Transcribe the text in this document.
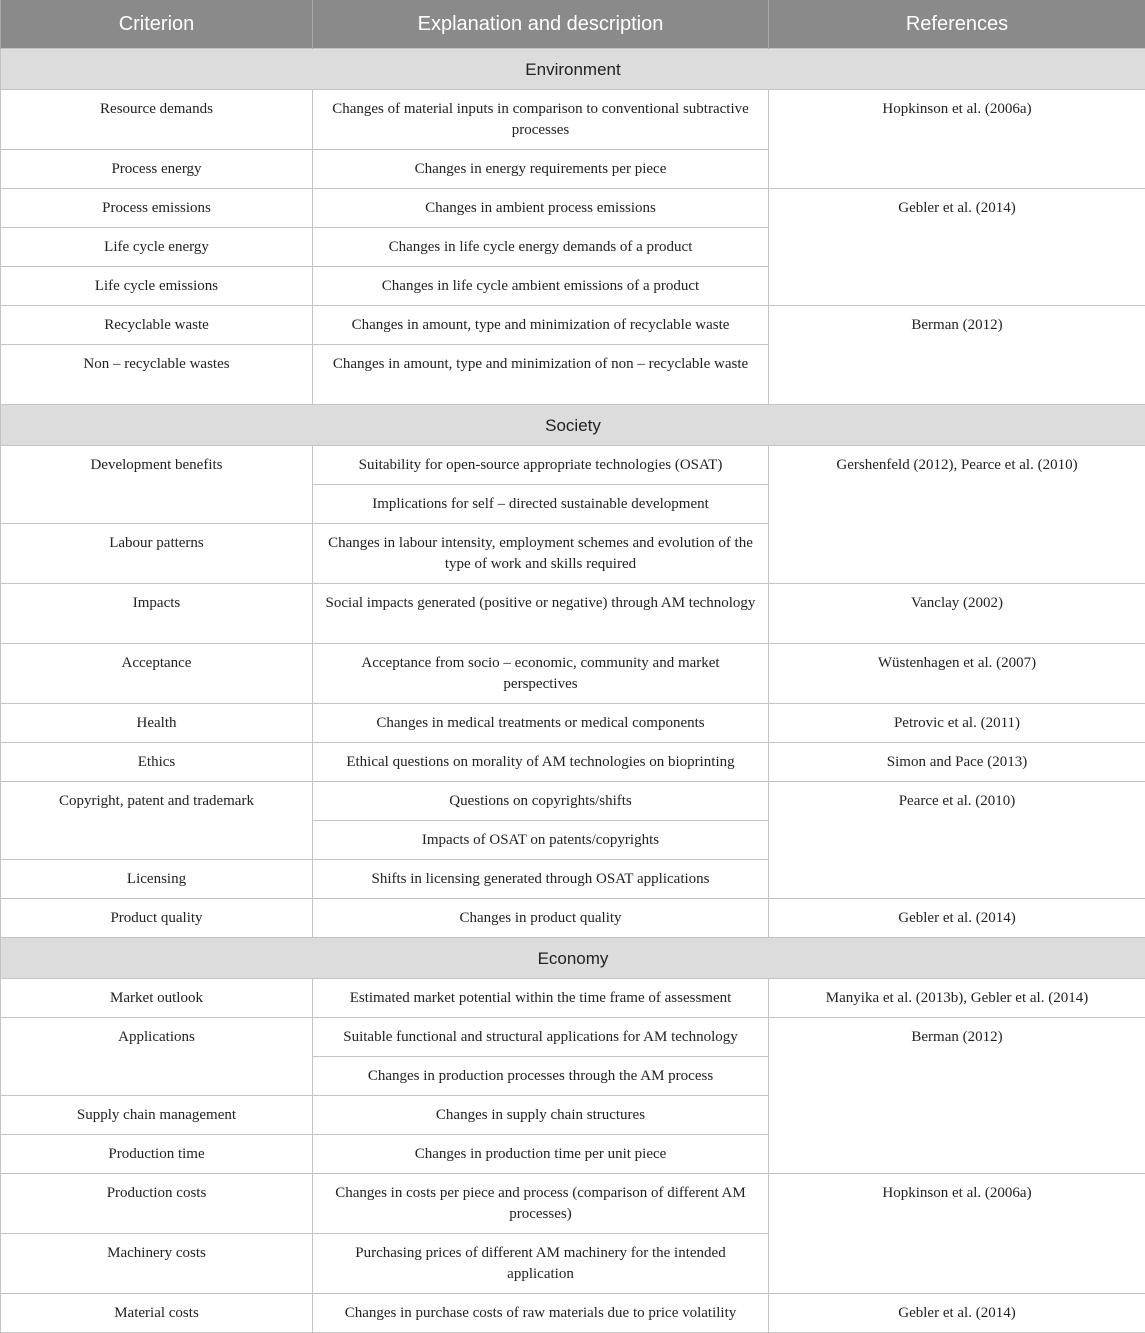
Criterion	Explanation and description	References
Environment		
Resource demands	Changes of material inputs in comparison to conventional subtractive processes	Hopkinson et al. (2006a)
Process energy	Changes in energy requirements per piece	
Process emissions	Changes in ambient process emissions	Gebler et al. (2014)
Life cycle energy	Changes in life cycle energy demands of a product	
Life cycle emissions	Changes in life cycle ambient emissions of a product	
Recyclable waste	Changes in amount, type and minimization of recyclable waste	Berman (2012)
Non – recyclable wastes	Changes in amount, type and minimization of non – recyclable waste	
Society		
Development benefits	Suitability for open-source appropriate technologies (OSAT)	Gershenfeld (2012), Pearce et al. (2010)
	Implications for self – directed sustainable development	
Labour patterns	Changes in labour intensity, employment schemes and evolution of the type of work and skills required	
Impacts	Social impacts generated (positive or negative) through AM technology	Vanclay (2002)
Acceptance	Acceptance from socio – economic, community and market perspectives	Wüstenhagen et al. (2007)
Health	Changes in medical treatments or medical components	Petrovic et al. (2011)
Ethics	Ethical questions on morality of AM technologies on bioprinting	Simon and Pace (2013)
Copyright, patent and trademark	Questions on copyrights/shifts	Pearce et al. (2010)
	Impacts of OSAT on patents/copyrights	
Licensing	Shifts in licensing generated through OSAT applications	
Product quality	Changes in product quality	Gebler et al. (2014)
Economy		
Market outlook	Estimated market potential within the time frame of assessment	Manyika et al. (2013b), Gebler et al. (2014)
Applications	Suitable functional and structural applications for AM technology	Berman (2012)
	Changes in production processes through the AM process	
Supply chain management	Changes in supply chain structures	
Production time	Changes in production time per unit piece	
Production costs	Changes in costs per piece and process (comparison of different AM processes)	Hopkinson et al. (2006a)
Machinery costs	Purchasing prices of different AM machinery for the intended application	
Material costs	Changes in purchase costs of raw materials due to price volatility	Gebler et al. (2014)
